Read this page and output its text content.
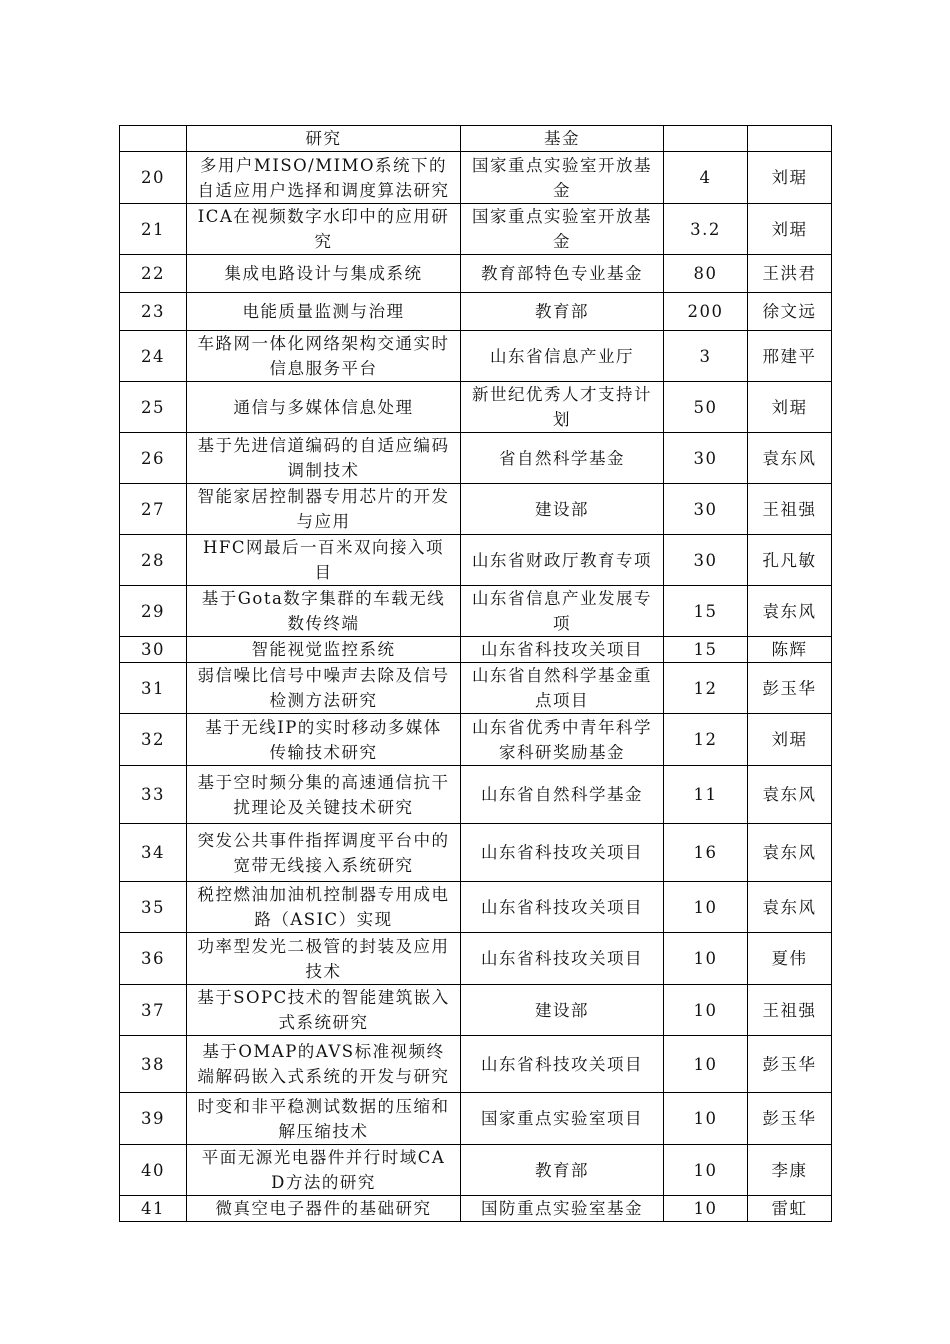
	研究	基金		
20	多用户MISO/MIMO系统下的自适应用户选择和调度算法研究	国家重点实验室开放基金	4	刘琚
21	ICA在视频数字水印中的应用研究	国家重点实验室开放基金	3.2	刘琚
22	集成电路设计与集成系统	教育部特色专业基金	80	王洪君
23	电能质量监测与治理	教育部	200	徐文远
24	车路网一体化网络架构交通实时信息服务平台	山东省信息产业厅	3	邢建平
25	通信与多媒体信息处理	新世纪优秀人才支持计划	50	刘琚
26	基于先进信道编码的自适应编码调制技术	省自然科学基金	30	袁东风
27	智能家居控制器专用芯片的开发与应用	建设部	30	王祖强
28	HFC网最后一百米双向接入项目	山东省财政厅教育专项	30	孔凡敏
29	基于Gota数字集群的车载无线数传终端	山东省信息产业发展专项	15	袁东风
30	智能视觉监控系统	山东省科技攻关项目	15	陈辉
31	弱信噪比信号中噪声去除及信号检测方法研究	山东省自然科学基金重点项目	12	彭玉华
32	基于无线IP的实时移动多媒体传输技术研究	山东省优秀中青年科学家科研奖励基金	12	刘琚
33	基于空时频分集的高速通信抗干扰理论及关键技术研究	山东省自然科学基金	11	袁东风
34	突发公共事件指挥调度平台中的宽带无线接入系统研究	山东省科技攻关项目	16	袁东风
35	税控燃油加油机控制器专用成电路（ASIC）实现	山东省科技攻关项目	10	袁东风
36	功率型发光二极管的封装及应用技术	山东省科技攻关项目	10	夏伟
37	基于SOPC技术的智能建筑嵌入式系统研究	建设部	10	王祖强
38	基于OMAP的AVS标准视频终端解码嵌入式系统的开发与研究	山东省科技攻关项目	10	彭玉华
39	时变和非平稳测试数据的压缩和解压缩技术	国家重点实验室项目	10	彭玉华
40	平面无源光电器件并行时域CAD方法的研究	教育部	10	李康
41	微真空电子器件的基础研究	国防重点实验室基金	10	雷虹
